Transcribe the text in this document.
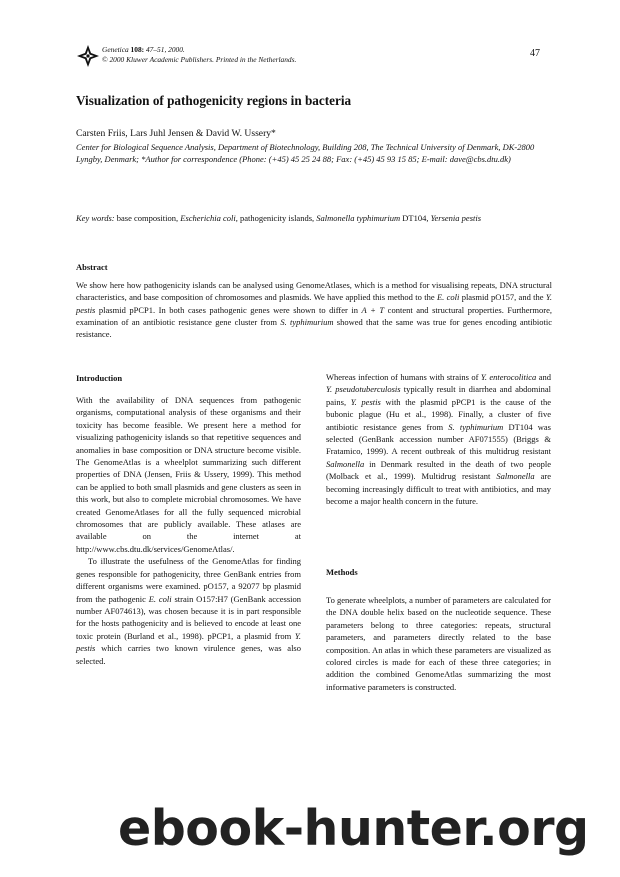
Genetica 108: 47–51, 2000.
© 2000 Kluwer Academic Publishers. Printed in the Netherlands.	47
Visualization of pathogenicity regions in bacteria
Carsten Friis, Lars Juhl Jensen & David W. Ussery*
Center for Biological Sequence Analysis, Department of Biotechnology, Building 208, The Technical University of Denmark, DK-2800 Lyngby, Denmark; *Author for correspondence (Phone: (+45) 45 25 24 88; Fax: (+45) 45 93 15 85; E-mail: dave@cbs.dtu.dk)
Key words: base composition, Escherichia coli, pathogenicity islands, Salmonella typhimurium DT104, Yersenia pestis
Abstract
We show here how pathogenicity islands can be analysed using GenomeAtlases, which is a method for visualising repeats, DNA structural characteristics, and base composition of chromosomes and plasmids. We have applied this method to the E. coli plasmid pO157, and the Y. pestis plasmid pPCP1. In both cases pathogenic genes were shown to differ in A + T content and structural properties. Furthermore, examination of an antibiotic resistance gene cluster from S. typhimurium showed that the same was true for genes encoding antibiotic resistance.
Introduction

With the availability of DNA sequences from pathogenic organisms, computational analysis of these organisms and their toxicity has become feasible. We present here a method for visualizing pathogenicity islands so that repetitive sequences and anomalies in base composition or DNA structure become visible. The GenomeAtlas is a wheelplot summarizing such different properties of DNA (Jensen, Friis & Ussery, 1999). This method can be applied to both small plasmids and gene clusters as seen in this work, but also to complete microbial chromosomes. We have created GenomeAtlases for all the fully sequenced microbial chromosomes that are publicly available. These atlases are available on the internet at http://www.cbs.dtu.dk/services/GenomeAtlas/.

To illustrate the usefulness of the GenomeAtlas for finding genes responsible for pathogenicity, three GenBank entries from different organisms were examined. pO157, a 92077 bp plasmid from the pathogenic E. coli strain O157:H7 (GenBank accession number AF074613), was chosen because it is in part responsible for the hosts pathogenicity and is believed to encode at least one toxic protein (Burland et al., 1998). pPCP1, a plasmid from Y. pestis which carries two known virulence genes, was also selected.

Whereas infection of humans with strains of Y. enterocolitica and Y. pseudotuberculosis typically result in diarrhea and abdominal pains, Y. pestis with the plasmid pPCP1 is the cause of the bubonic plague (Hu et al., 1998). Finally, a cluster of five antibiotic resistance genes from S. typhimurium DT104 was selected (GenBank accession number AF071555) (Briggs & Fratamico, 1999). A recent outbreak of this multidrug resistant Salmonella in Denmark resulted in the death of two people (Molback et al., 1999). Multidrug resistant Salmonella are becoming increasingly difficult to treat with antibiotics, and may become a major health concern in the future.

Methods

To generate wheelplots, a number of parameters are calculated for the DNA double helix based on the nucleotide sequence. These parameters belong to three categories: repeats, structural parameters, and parameters directly related to the base composition. An atlas in which these parameters are visualized as colored circles is made for each of these three categories; in addition the combined GenomeAtlas summarizing the most informative parameters is constructed.

ebook-hunter.org
